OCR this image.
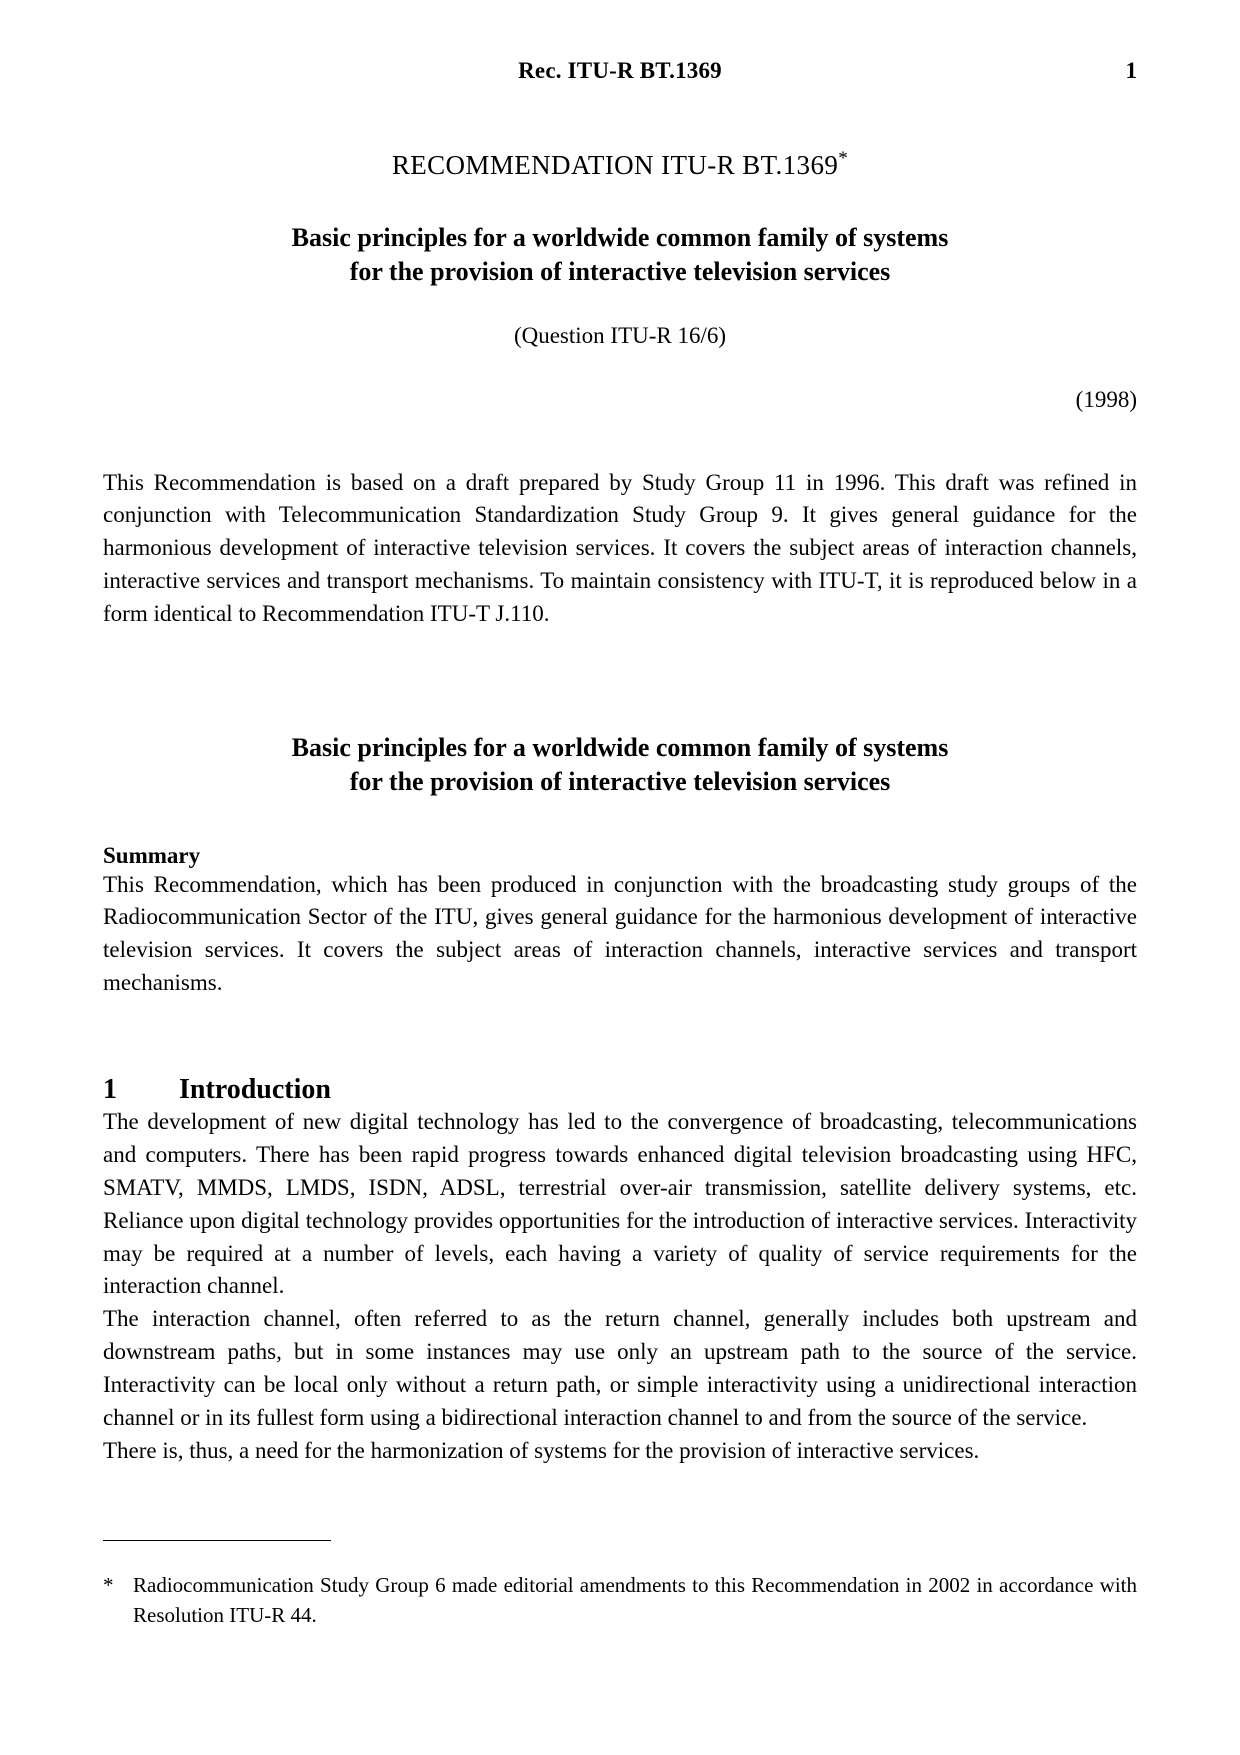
Rec. ITU-R BT.1369	1
RECOMMENDATION ITU-R BT.1369*
Basic principles for a worldwide common family of systems
for the provision of interactive television services
(Question ITU-R 16/6)
(1998)

This Recommendation is based on a draft prepared by Study Group 11 in 1996. This draft was refined in conjunction with Telecommunication Standardization Study Group 9. It gives general guidance for the harmonious development of interactive television services. It covers the subject areas of interaction channels, interactive services and transport mechanisms. To maintain consistency with ITU-T, it is reproduced below in a form identical to Recommendation ITU-T J.110.

Basic principles for a worldwide common family of systems
for the provision of interactive television services
Summary

This Recommendation, which has been produced in conjunction with the broadcasting study groups of the Radiocommunication Sector of the ITU, gives general guidance for the harmonious development of interactive television services. It covers the subject areas of interaction channels, interactive services and transport mechanisms.

1	Introduction

The development of new digital technology has led to the convergence of broadcasting, telecommunications and computers. There has been rapid progress towards enhanced digital television broadcasting using HFC, SMATV, MMDS, LMDS, ISDN, ADSL, terrestrial over-air transmission, satellite delivery systems, etc. Reliance upon digital technology provides opportunities for the introduction of interactive services. Interactivity may be required at a number of levels, each having a variety of quality of service requirements for the interaction channel.

The interaction channel, often referred to as the return channel, generally includes both upstream and downstream paths, but in some instances may use only an upstream path to the source of the service. Interactivity can be local only without a return path, or simple interactivity using a unidirectional interaction channel or in its fullest form using a bidirectional interaction channel to and from the source of the service.

There is, thus, a need for the harmonization of systems for the provision of interactive services.

* Radiocommunication Study Group 6 made editorial amendments to this Recommendation in 2002 in accordance with Resolution ITU-R 44.
